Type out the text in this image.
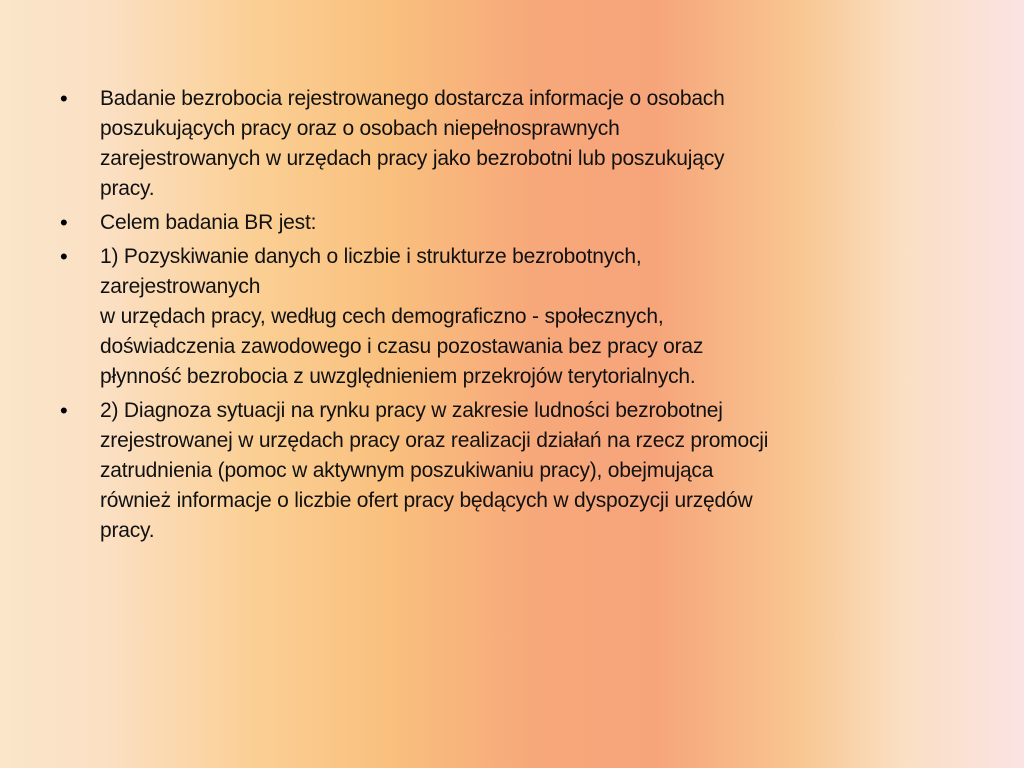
• Badanie bezrobocia rejestrowanego dostarcza informacje o osobach
poszukujących pracy oraz o osobach niepełnosprawnych
zarejestrowanych w urzędach pracy jako bezrobotni lub poszukujący
pracy.
• Celem badania BR jest:
• 1) Pozyskiwanie danych o liczbie i strukturze bezrobotnych,
zarejestrowanych
w urzędach pracy, według cech demograficzno - społecznych,
doświadczenia zawodowego i czasu pozostawania bez pracy oraz
płynność bezrobocia z uwzględnieniem przekrojów terytorialnych.
• 2) Diagnoza sytuacji na rynku pracy w zakresie ludności bezrobotnej
zrejestrowanej w urzędach pracy oraz realizacji działań na rzecz promocji
zatrudnienia (pomoc w aktywnym poszukiwaniu pracy), obejmująca
również informacje o liczbie ofert pracy będących w dyspozycji urzędów
pracy.
